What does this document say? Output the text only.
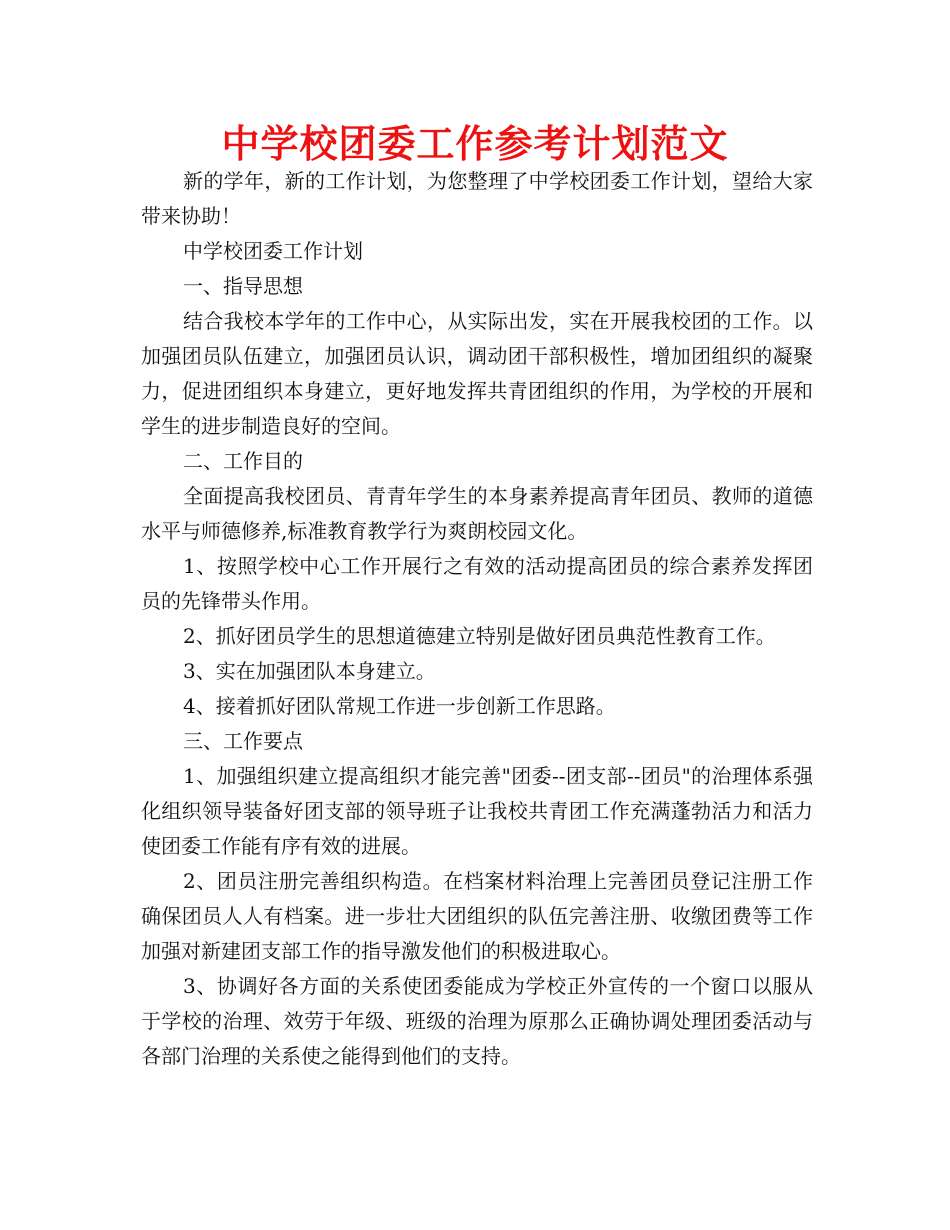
中学校团委工作参考计划范文

新的学年，新的工作计划，为您整理了中学校团委工作计划，望给大家带来协助！

中学校团委工作计划

一、指导思想

结合我校本学年的工作中心，从实际出发，实在开展我校团的工作。以加强团员队伍建立，加强团员认识，调动团干部积极性，增加团组织的凝聚力，促进团组织本身建立，更好地发挥共青团组织的作用，为学校的开展和学生的进步制造良好的空间。

二、工作目的

全面提高我校团员、青青年学生的本身素养提高青年团员、教师的道德水平与师德修养,标准教育教学行为爽朗校园文化。

1、按照学校中心工作开展行之有效的活动提高团员的综合素养发挥团员的先锋带头作用。

2、抓好团员学生的思想道德建立特别是做好团员典范性教育工作。

3、实在加强团队本身建立。

4、接着抓好团队常规工作进一步创新工作思路。

三、工作要点

1、加强组织建立提高组织才能完善"团委--团支部--团员"的治理体系强化组织领导装备好团支部的领导班子让我校共青团工作充满蓬勃活力和活力使团委工作能有序有效的进展。

2、团员注册完善组织构造。在档案材料治理上完善团员登记注册工作确保团员人人有档案。进一步壮大团组织的队伍完善注册、收缴团费等工作加强对新建团支部工作的指导激发他们的积极进取心。

3、协调好各方面的关系使团委能成为学校正外宣传的一个窗口以服从于学校的治理、效劳于年级、班级的治理为原那么正确协调处理团委活动与各部门治理的关系使之能得到他们的支持。
